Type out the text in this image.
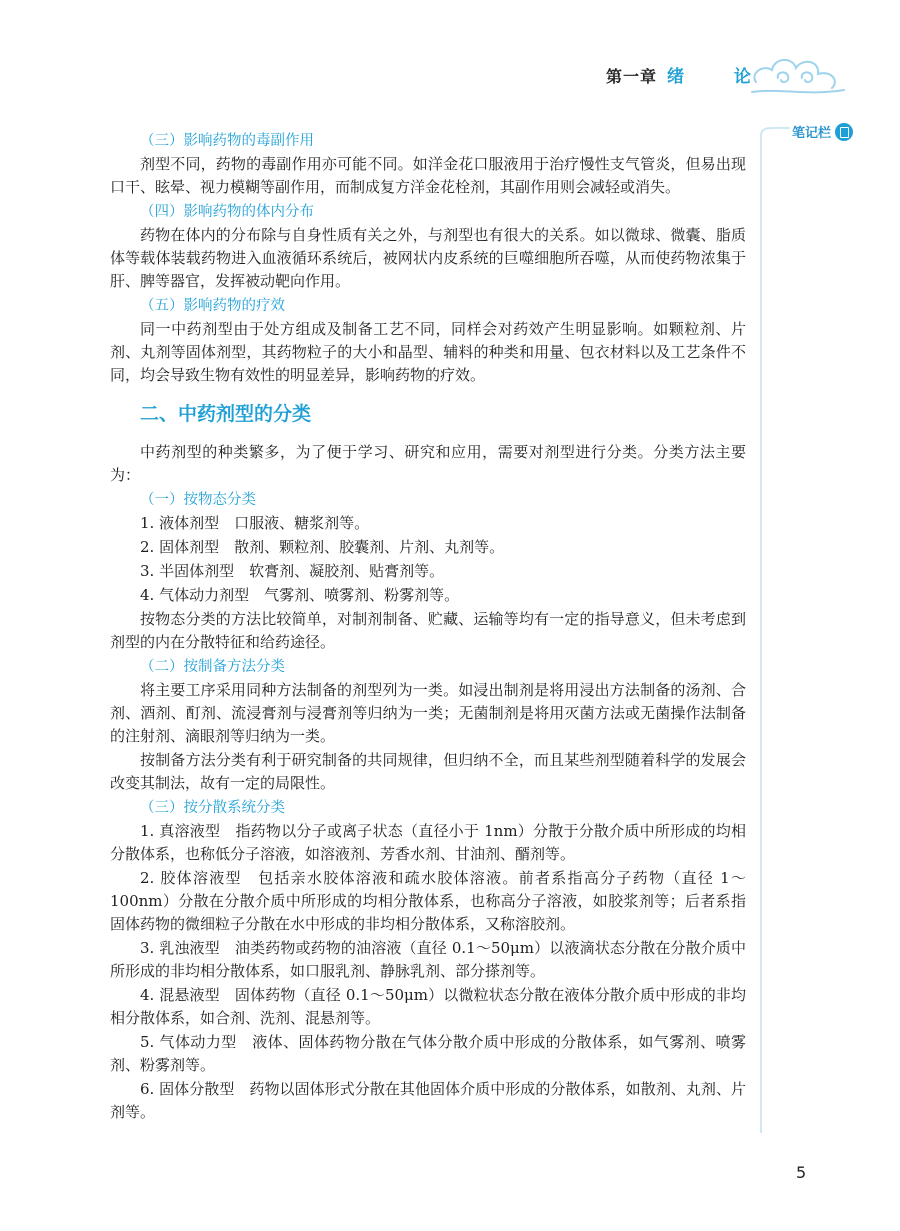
第一章 绪 论
笔记栏
（三）影响药物的毒副作用
剂型不同，药物的毒副作用亦可能不同。如洋金花口服液用于治疗慢性支气管炎，但易出现口干、眩晕、视力模糊等副作用，而制成复方洋金花栓剂，其副作用则会减轻或消失。
（四）影响药物的体内分布
药物在体内的分布除与自身性质有关之外，与剂型也有很大的关系。如以微球、微囊、脂质体等载体装载药物进入血液循环系统后，被网状内皮系统的巨噬细胞所吞噬，从而使药物浓集于肝、脾等器官，发挥被动靶向作用。
（五）影响药物的疗效
同一中药剂型由于处方组成及制备工艺不同，同样会对药效产生明显影响。如颗粒剂、片剂、丸剂等固体剂型，其药物粒子的大小和晶型、辅料的种类和用量、包衣材料以及工艺条件不同，均会导致生物有效性的明显差异，影响药物的疗效。
二、中药剂型的分类
中药剂型的种类繁多，为了便于学习、研究和应用，需要对剂型进行分类。分类方法主要为：
（一）按物态分类
1. 液体剂型　口服液、糖浆剂等。
2. 固体剂型　散剂、颗粒剂、胶囊剂、片剂、丸剂等。
3. 半固体剂型　软膏剂、凝胶剂、贴膏剂等。
4. 气体动力剂型　气雾剂、喷雾剂、粉雾剂等。
按物态分类的方法比较简单，对制剂制备、贮藏、运输等均有一定的指导意义，但未考虑到剂型的内在分散特征和给药途径。
（二）按制备方法分类
将主要工序采用同种方法制备的剂型列为一类。如浸出制剂是将用浸出方法制备的汤剂、合剂、酒剂、酊剂、流浸膏剂与浸膏剂等归纳为一类；无菌制剂是将用灭菌方法或无菌操作法制备的注射剂、滴眼剂等归纳为一类。
按制备方法分类有利于研究制备的共同规律，但归纳不全，而且某些剂型随着科学的发展会改变其制法，故有一定的局限性。
（三）按分散系统分类
1. 真溶液型　指药物以分子或离子状态（直径小于 1nm）分散于分散介质中所形成的均相分散体系，也称低分子溶液，如溶液剂、芳香水剂、甘油剂、醑剂等。
2. 胶体溶液型　包括亲水胶体溶液和疏水胶体溶液。前者系指高分子药物（直径 1～100nm）分散在分散介质中所形成的均相分散体系，也称高分子溶液，如胶浆剂等；后者系指固体药物的微细粒子分散在水中形成的非均相分散体系，又称溶胶剂。
3. 乳浊液型　油类药物或药物的油溶液（直径 0.1～50μm）以液滴状态分散在分散介质中所形成的非均相分散体系，如口服乳剂、静脉乳剂、部分搽剂等。
4. 混悬液型　固体药物（直径 0.1～50μm）以微粒状态分散在液体分散介质中形成的非均相分散体系，如合剂、洗剂、混悬剂等。
5. 气体动力型　液体、固体药物分散在气体分散介质中形成的分散体系，如气雾剂、喷雾剂、粉雾剂等。
6. 固体分散型　药物以固体形式分散在其他固体介质中形成的分散体系，如散剂、丸剂、片剂等。
5
